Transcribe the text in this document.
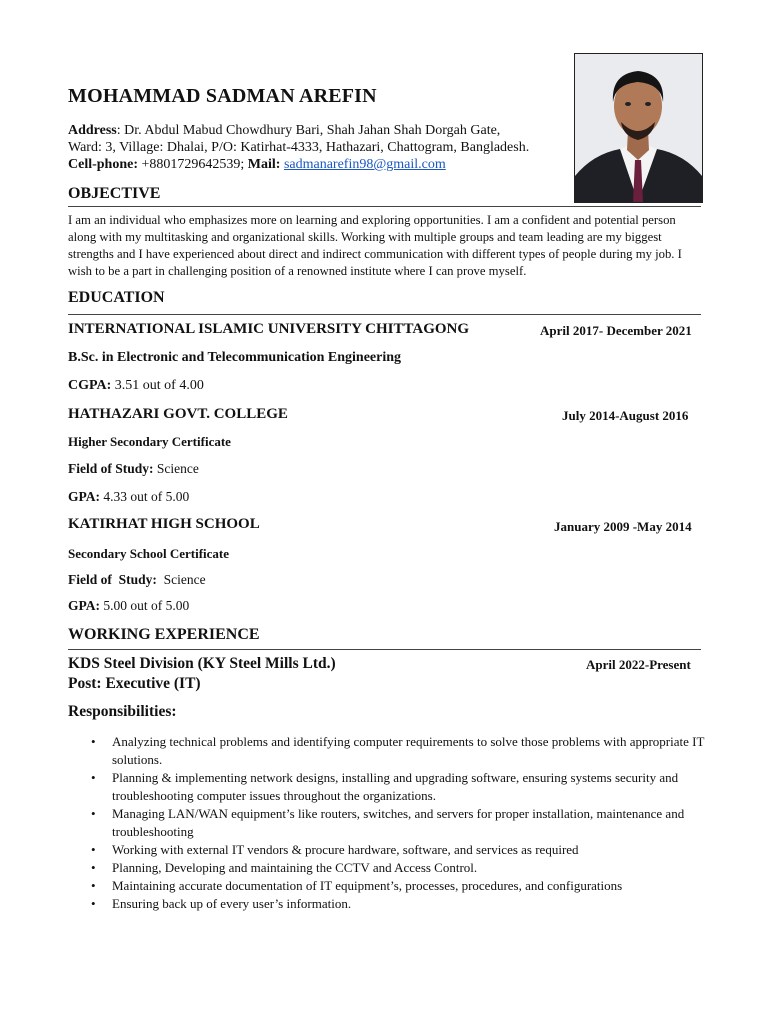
MOHAMMAD SADMAN AREFIN
Address: Dr. Abdul Mabud Chowdhury Bari, Shah Jahan Shah Dorgah Gate,
Ward: 3, Village: Dhalai, P/O: Katirhat-4333, Hathazari, Chattogram, Bangladesh.
Cell-phone: +8801729642539; Mail: sadmanarefin98@gmail.com
OBJECTIVE
I am an individual who emphasizes more on learning and exploring opportunities. I am a confident and potential person along with my multitasking and organizational skills. Working with multiple groups and team leading are my biggest strengths and I have experienced about direct and indirect communication with different types of people during my job. I wish to be a part in challenging position of a renowned institute where I can prove myself.
EDUCATION
INTERNATIONAL ISLAMIC UNIVERSITY CHITTAGONG	April 2017- December 2021
B.Sc. in Electronic and Telecommunication Engineering
CGPA: 3.51 out of 4.00
HATHAZARI GOVT. COLLEGE	July 2014-August 2016
Higher Secondary Certificate
Field of Study: Science
GPA: 4.33 out of 5.00
KATIRHAT HIGH SCHOOL	January 2009 -May 2014
Secondary School Certificate
Field of  Study:  Science
GPA: 5.00 out of 5.00
WORKING EXPERIENCE
KDS Steel Division (KY Steel Mills Ltd.)	April 2022-Present
Post: Executive (IT)
Responsibilities:
• Analyzing technical problems and identifying computer requirements to solve those problems with appropriate IT solutions.
• Planning & implementing network designs, installing and upgrading software, ensuring systems security and troubleshooting computer issues throughout the organizations.
• Managing LAN/WAN equipment’s like routers, switches, and servers for proper installation, maintenance and troubleshooting
• Working with external IT vendors & procure hardware, software, and services as required
• Planning, Developing and maintaining the CCTV and Access Control.
• Maintaining accurate documentation of IT equipment’s, processes, procedures, and configurations
• Ensuring back up of every user’s information.
